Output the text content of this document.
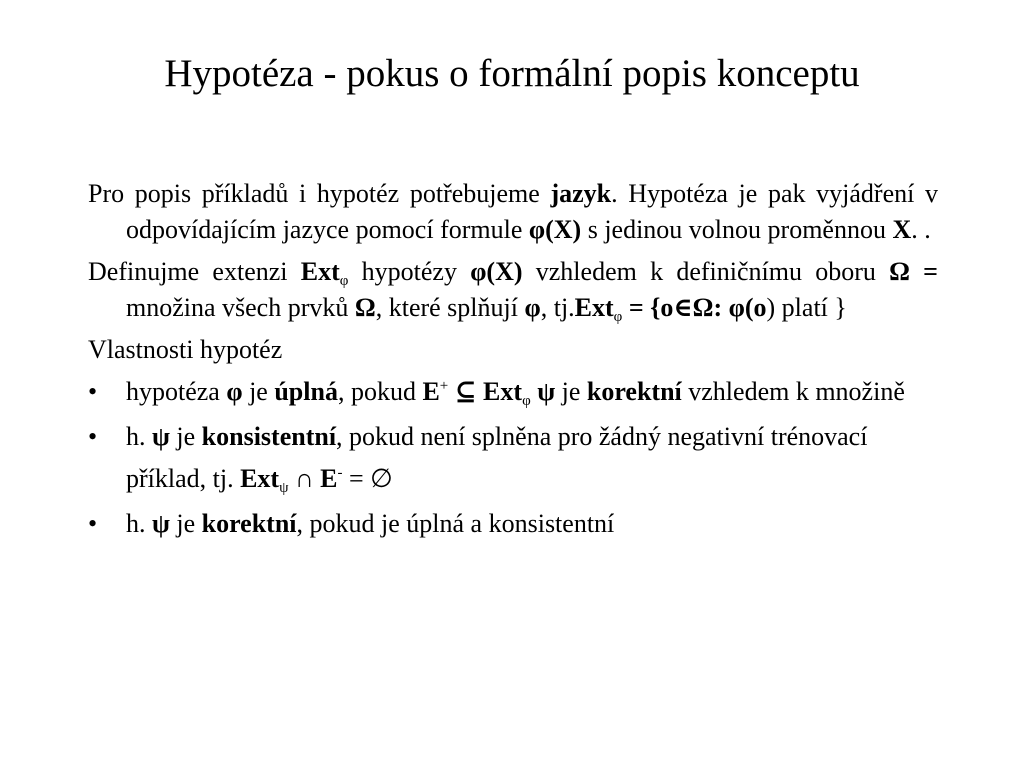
Hypotéza - pokus o formální popis konceptu

Pro popis příkladů i hypotéz potřebujeme jazyk. Hypotéza je pak vyjádření v odpovídajícím jazyce pomocí formule φ(X) s jedinou volnou proměnnou X. .

Definujme extenzi Ext$_\varphi$ hypotézy φ(X) vzhledem k definičnímu oboru Ω = množina všech prvků Ω, které splňují φ, tj.Ext$_\varphi$ = {o∈Ω: φ(o) platí }

Vlastnosti hypotéz

• hypotéza φ je úplná, pokud E+ ⊆ Ext$_\varphi$ ψ je korektní vzhledem k množině
• h. ψ je konsistentní, pokud není splněna pro žádný negativní trénovací příklad, tj. Ext$_\psi$ ∩ E- = ∅
• h. ψ je korektní, pokud je úplná a konsistentní
